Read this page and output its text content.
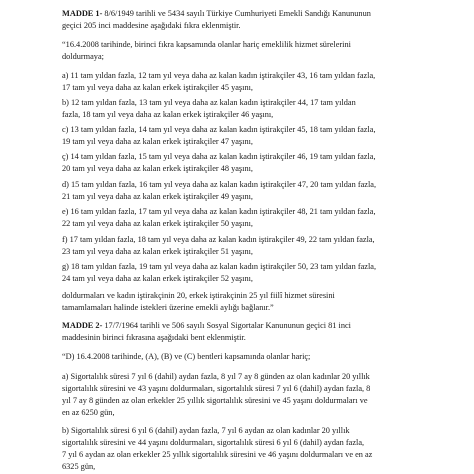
MADDE 1- 8/6/1949 tarihli ve 5434 sayılı Türkiye Cumhuriyeti Emekli Sandığı Kanununun
geçici 205 inci maddesine aşağıdaki fıkra eklenmiştir.
“16.4.2008 tarihinde, birinci fıkra kapsamında olanlar hariç emeklilik hizmet sürelerini
doldurmaya;
a) 11 tam yıldan fazla, 12 tam yıl veya daha az kalan kadın iştirakçiler 43, 16 tam yıldan fazla,
17 tam yıl veya daha az kalan erkek iştirakçiler 45 yaşını,
b) 12 tam yıldan fazla, 13 tam yıl veya daha az kalan kadın iştirakçiler 44, 17 tam yıldan
fazla, 18 tam yıl veya daha az kalan erkek iştirakçiler 46 yaşını,
c) 13 tam yıldan fazla, 14 tam yıl veya daha az kalan kadın iştirakçiler 45, 18 tam yıldan fazla,
19 tam yıl veya daha az kalan erkek iştirakçiler 47 yaşını,
ç) 14 tam yıldan fazla, 15 tam yıl veya daha az kalan kadın iştirakçiler 46, 19 tam yıldan fazla,
20 tam yıl veya daha az kalan erkek iştirakçiler 48 yaşını,
d) 15 tam yıldan fazla, 16 tam yıl veya daha az kalan kadın iştirakçiler 47, 20 tam yıldan fazla,
21 tam yıl veya daha az kalan erkek iştirakçiler 49 yaşını,
e) 16 tam yıldan fazla, 17 tam yıl veya daha az kalan kadın iştirakçiler 48, 21 tam yıldan fazla,
22 tam yıl veya daha az kalan erkek iştirakçiler 50 yaşını,
f) 17 tam yıldan fazla, 18 tam yıl veya daha az kalan kadın iştirakçiler 49, 22 tam yıldan fazla,
23 tam yıl veya daha az kalan erkek iştirakçiler 51 yaşını,
g) 18 tam yıldan fazla, 19 tam yıl veya daha az kalan kadın iştirakçiler 50, 23 tam yıldan fazla,
24 tam yıl veya daha az kalan erkek iştirakçiler 52 yaşını,
doldurmaları ve kadın iştirakçinin 20, erkek iştirakçinin 25 yıl fiilî hizmet süresini
tamamlamaları halinde istekleri üzerine emekli aylığı bağlanır.”
MADDE 2- 17/7/1964 tarihli ve 506 sayılı Sosyal Sigortalar Kanununun geçici 81 inci
maddesinin birinci fıkrasına aşağıdaki bent eklenmiştir.
“D) 16.4.2008 tarihinde, (A), (B) ve (C) bentleri kapsamında olanlar hariç;
a) Sigortalılık süresi 7 yıl 6 (dahil) aydan fazla, 8 yıl 7 ay 8 günden az olan kadınlar 20 yıllık
sigortalılık süresini ve 43 yaşını doldurmaları, sigortalılık süresi 7 yıl 6 (dahil) aydan fazla, 8
yıl 7 ay 8 günden az olan erkekler 25 yıllık sigortalılık süresini ve 45 yaşını doldurmaları ve
en az 6250 gün,
b) Sigortalılık süresi 6 yıl 6 (dahil) aydan fazla, 7 yıl 6 aydan az olan kadınlar 20 yıllık
sigortalılık süresini ve 44 yaşını doldurmaları, sigortalılık süresi 6 yıl 6 (dahil) aydan fazla,
7 yıl 6 aydan az olan erkekler 25 yıllık sigortalılık süresini ve 46 yaşını doldurmaları ve en az
6325 gün,
